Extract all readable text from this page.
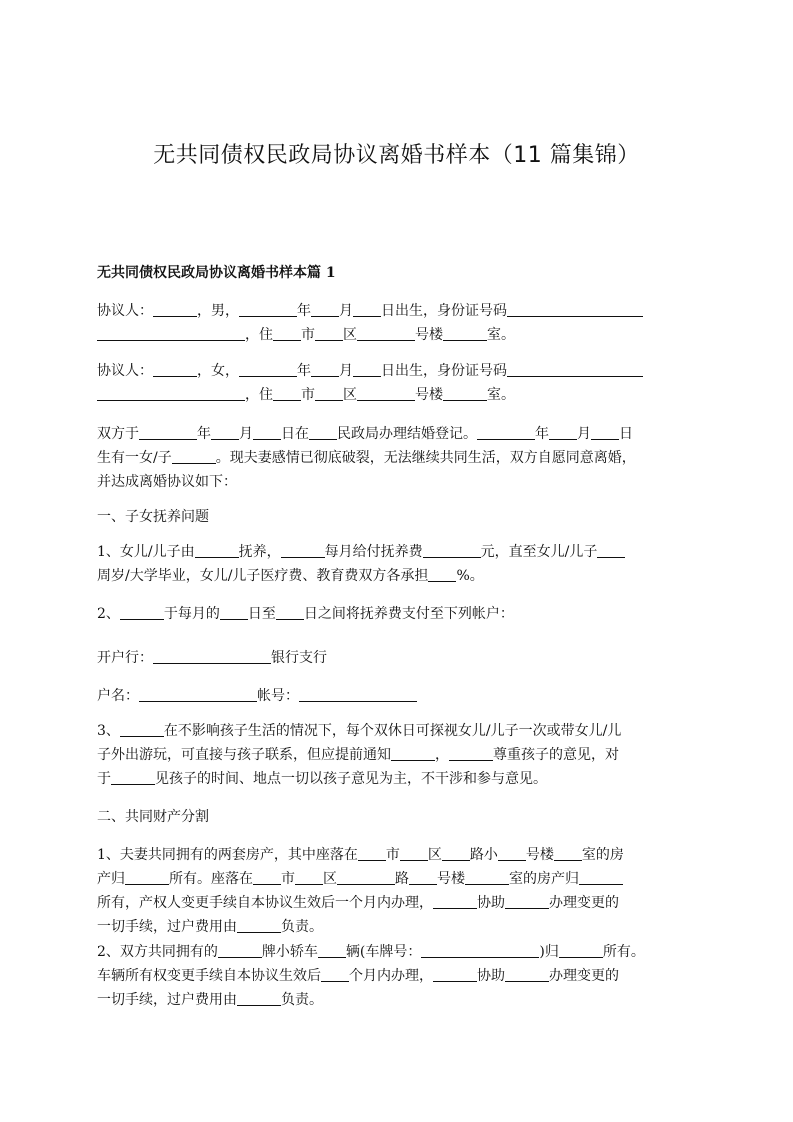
无共同债权民政局协议离婚书样本（11 篇集锦）
无共同债权民政局协议离婚书样本篇 1
协议人：	，男，	年 月 日出生，身份证号码
，住 市 区	号楼	室。
协议人：	，女，	年 月 日出生，身份证号码
，住 市 区	号楼	室。
双方于	年 月 日在 民政局办理结婚登记。	年 月 日
生有一女/子	。现夫妻感情已彻底破裂，无法继续共同生活，双方自愿同意离婚，
并达成离婚协议如下：
一、子女抚养问题
1、女儿/儿子由	抚养，	每月给付抚养费	元，直至女儿/儿子
周岁/大学毕业，女儿/儿子医疗费、教育费双方各承担 %。
2、	于每月的 日至 日之间将抚养费支付至下列帐户：
开户行：	银行支行
户名：	帐号：
3、	在不影响孩子生活的情况下，每个双休日可探视女儿/儿子一次或带女儿/儿
子外出游玩，可直接与孩子联系，但应提前通知	，	尊重孩子的意见，对
于	见孩子的时间、地点一切以孩子意见为主，不干涉和参与意见。
二、共同财产分割
1、夫妻共同拥有的两套房产，其中座落在 市 区 路小 号楼 室的房
产归	所有。座落在 市 区	路 号楼	室的房产归
所有，产权人变更手续自本协议生效后一个月内办理，	协助	办理变更的
一切手续，过户费用由	负责。
2、双方共同拥有的	牌小轿车 辆(车牌号：	)归	所有。
车辆所有权变更手续自本协议生效后 个月内办理，	协助	办理变更的
一切手续，过户费用由	负责。
